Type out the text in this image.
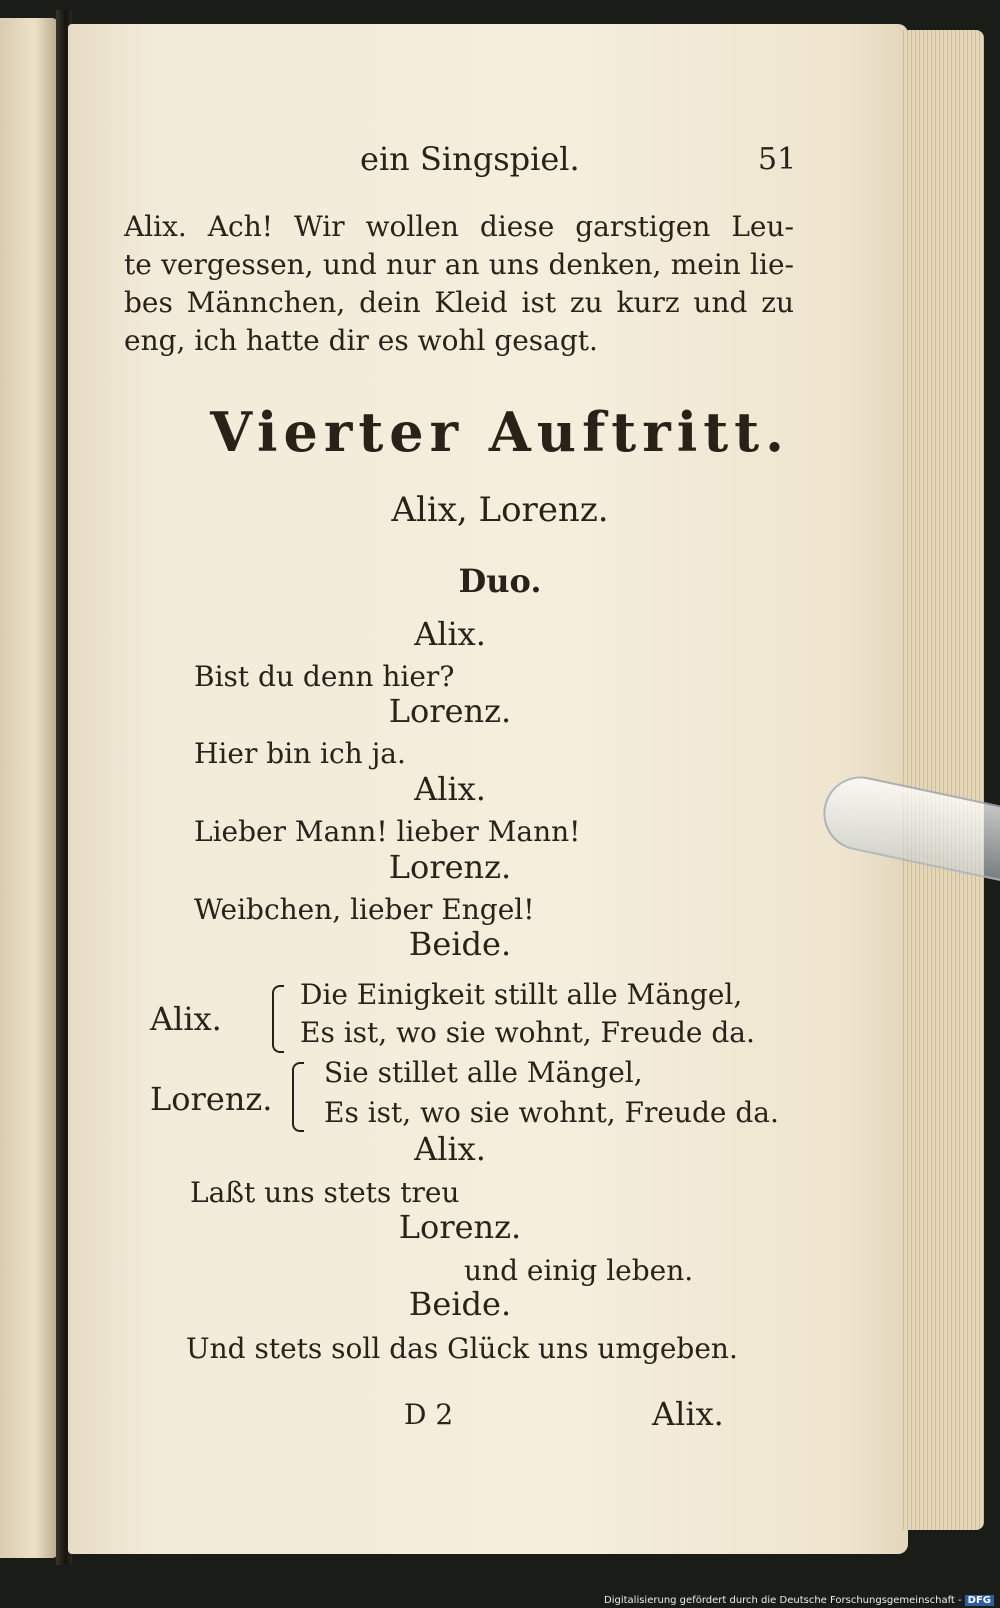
ein Singspiel.	51
Alix. Ach! Wir wollen diese garstigen Leu-
te vergessen, und nur an uns denken, mein lie-
bes Männchen, dein Kleid ist zu kurz und zu
eng, ich hatte dir es wohl gesagt.
Vierter Auftritt.
Alix, Lorenz.
Duo.
Alix.
Bist du denn hier?
Lorenz.
Hier bin ich ja.
Alix.
Lieber Mann! lieber Mann!
Lorenz.
Weibchen, lieber Engel!
Beide.
Alix.
Die Einigkeit stillt alle Mängel,
Es ist, wo sie wohnt, Freude da.
Lorenz.
Sie stillet alle Mängel,
Es ist, wo sie wohnt, Freude da.
Alix.
Laßt uns stets treu
Lorenz.
und einig leben.
Beide.
Und stets soll das Glück uns umgeben.
D 2	Alix.
Digitalisierung gefördert durch die Deutsche Forschungsgemeinschaft - DFG
